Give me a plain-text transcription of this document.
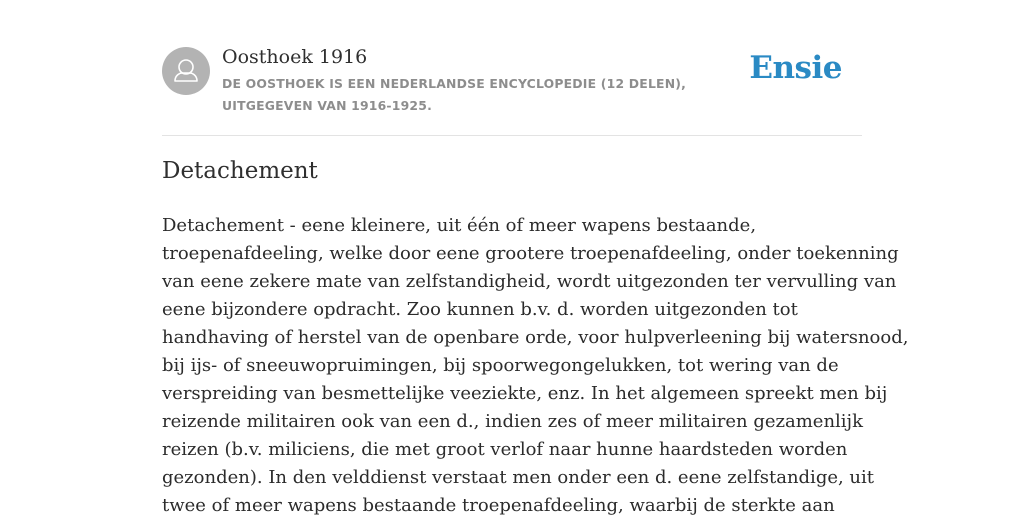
Oosthoek 1916
DE OOSTHOEK IS EEN NEDERLANDSE ENCYCLOPEDIE (12 DELEN), UITGEGEVEN VAN 1916-1925.
Ensie
Detachement
Detachement - eene kleinere, uit één of meer wapens bestaande,
troepenafdeeling, welke door eene grootere troepenafdeeling, onder toekenning
van eene zekere mate van zelfstandigheid, wordt uitgezonden ter vervulling van
eene bijzondere opdracht. Zoo kunnen b.v. d. worden uitgezonden tot
handhaving of herstel van de openbare orde, voor hulpverleening bij watersnood,
bij ijs- of sneeuwopruimingen, bij spoorwegongelukken, tot wering van de
verspreiding van besmettelijke veeziekte, enz. In het algemeen spreekt men bij
reizende militairen ook van een d., indien zes of meer militairen gezamenlijk
reizen (b.v. miliciens, die met groot verlof naar hunne haardsteden worden
gezonden). In den velddienst verstaat men onder een d. eene zelfstandige, uit
twee of meer wapens bestaande troepenafdeeling, waarbij de sterkte aan
